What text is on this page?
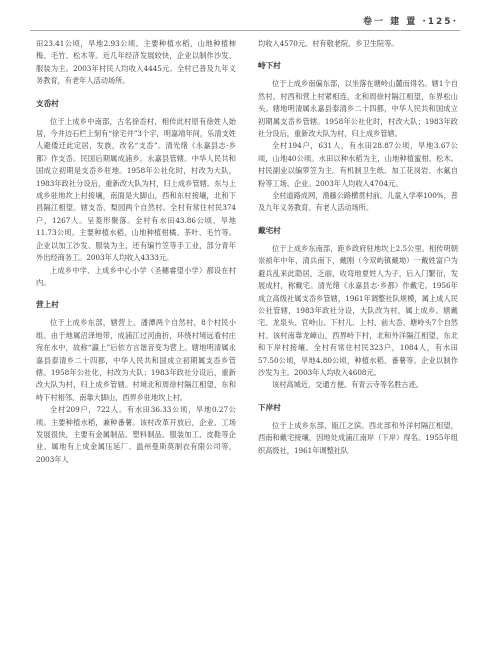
卷一 建 置 ·125·

田23.41公顷，旱地2.93公顷。主要种植水稻，山地种植柿梅、毛竹、松木等。近几年经济发展较快，企业以制作沙发、服装为主。2003年村民人均收入4445元。全村已普及九年义务教育，有老年人活动场所。

支岙村

位于上成乡中南部，古名徐岙村，相传此村原有徐姓人始居，今井边石栏上刻有“徐宅井”3个字，明嘉靖年间，乐清支姓人避倭迁此定居，发族，改名“支岙”。清光绪《永嘉县志·乡都》作支岙。民国后期属成浦乡。永嘉县管辖。中华人民共和国成立初期是支岙乡驻地。1958年公社化时，村改为大队，1983年政社分设后，重新改大队为村，归上成乡管辖。东与上成乡驻地坎上村接壤，南面是大脚山，西和东村接壤，北和下昌隔江相望。辖支岙、梨园两个自然村。全村有常住村民374户，1267人。呈菱形聚落。全村有水田43.86公顷、旱地11.73公顷。主要种植水稻，山地种植柑橘、茶叶、毛竹等。企业以加工沙发、服装为主，还有编竹笠等手工业，部分青年外出经商务工。2003年人均收入4333元。

上成乡中学、上成乡中心小学（圣穗睿望小学）都设在村内。

营上村

位于上成乡东部，辖营上、潘潭两个自然村，8个村民小组。由于地属沼泽地带，成浦江过河曲折，环绕村境远看村庄宛在水中，故称“瀛上”后依方言谐音变为营上。辖地明清属永嘉县泰清乡二十四都，中华人民共和国成立初期属支岙乡管辖。1958年公社化，村改为大队；1983年政社分设后，重新改大队为村，归上成乡管辖。村境北和周徐村隔江相望，东和峙下村相邻，南靠大脚山，西界乡驻地坎上村。

全村209户，722人。有水田36.33公顷，旱地0.27公顷。主要种植水稻，兼种番薯。该村改革开放后，企业、工场发展很快，主要有金属制品、塑料制品、服装加工、皮鞋等企业。属地有上成金属压延厂、温州曼斯莫制衣有限公司等，2003年人

均收入4570元。村有敬老院、乡卫生院等。

峙下村

位于上成乡南偏东部，以坐落在塘岭山麓而得名。辖1个自然村，村西和营上村紧相连，北和周徐村隔江相望，东界松山头。辖地明清属永嘉县泰清乡二十四都，中华人民共和国成立初期属支岙乡管辖。1958年公社化时，村改大队；1983年政社分设后，重新改大队为村，归上成乡管辖。

全村194户，631人，有水田28.87公顷，旱地3.67公顷，山地40公顷。水田以种水稻为主，山地种植蜜柑、松木。村民副业以编箩笠为主。有机制卫生纸、加工花岗岩、水氟自粉等工场、企业。2003年人均收入4704元。

全村道路成网，渔藤公路横贯村前。儿童入学率100%，普及九年义务教育。有老人活动场所。

戴宅村

位于上成乡东南部，距乡政府驻地坎上2.5公里。相传明朝崇祯年中年，清兵南下，戴刚（今双屿镇戴坳）一戴姓富户为避兵乱来此隐居，乏丽，收弯地夏姓人为子，后入门繁衍，发展成村，称戴宅。清光绪《永嘉县志·乡都》作戴宅。1956年成立高级社属支岙乡管辖，1961年调整社队规模，属上成人民公社管辖，1983年政社分设，大队改为村，属上成乡。辖戴宅、龙泉头、官岭山、下村儿、上村、前大岙、塘岭头7个自然村。该村南靠龙嶂山，西界岭下村，北和外洋隔江相望，东北和下岸村接壤。全村有常住村民323户，1084人，有水田57.50公顷，旱地4.80公顷，种植水稻、番薯等。企业以制作沙发为主。2003年人均收入4608元。

该村高城近，交通方便。有青云寺等名胜古迹。

下岸村

位于上成乡东部，瓯江之滨。西北部和外洋村隔江相望，西南和戴宅接壤，因地处成浦江南岸（下岸）得名。1955年组织高级社，1961年调整社队
